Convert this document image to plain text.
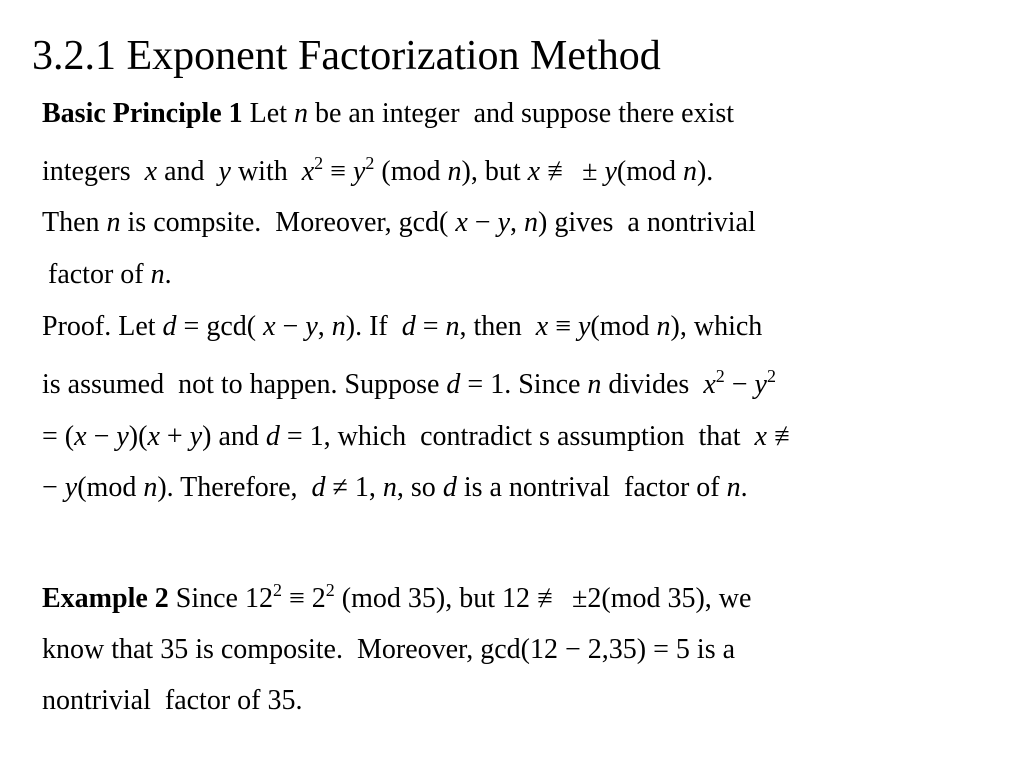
3.2.1 Exponent Factorization Method
Basic Principle 1 Let n be an integer  and suppose there exist
integers  x and  y with  $x^2 \equiv y^2$ (mod n), but x ≢ ± y(mod n).
Then n is compsite.  Moreover, gcd( x − y, n) gives  a nontrivial
factor of n.
Proof. Let d = gcd( x − y, n). If  d = n, then  x ≡ y(mod n), which
is assumed  not to happen. Suppose d = 1. Since n divides  $x^2 - y^2$
= (x − y)(x + y) and d = 1, which  contradict s assumption  that  x ≢
− y(mod n). Therefore,  d ≠ 1, n, so d is a nontrival  factor of n.
Example 2 Since $12^2 \equiv 2^2$ (mod 35), but 12 ≢ ±2(mod 35), we
know that 35 is composite.  Moreover, gcd(12 − 2,35) = 5 is a
nontrivial  factor of 35.
